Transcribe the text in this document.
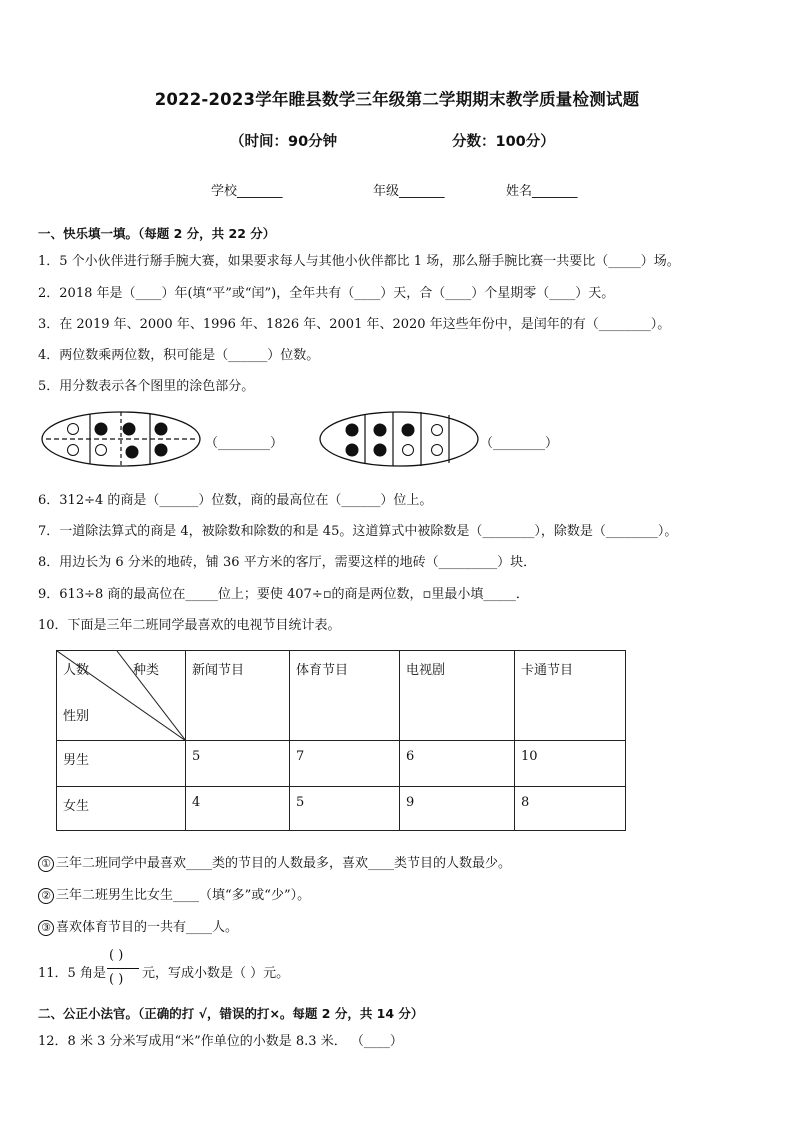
2022-2023学年睢县数学三年级第二学期期末教学质量检测试题
（时间：90分钟	分数：100分）
学校_______	年级_______	姓名_______
一、快乐填一填。（每题 2 分，共 22 分）
1．5 个小伙伴进行掰手腕大赛，如果要求每人与其他小伙伴都比 1 场，那么掰手腕比赛一共要比（_____）场。
2．2018 年是（____）年(填“平”或“闰”)，全年共有（____）天，合（____）个星期零（____）天。
3．在 2019 年、2000 年、1996 年、1826 年、2001 年、2020 年这些年份中，是闰年的有（________）。
4．两位数乘两位数，积可能是（______）位数。
5．用分数表示各个图里的涂色部分。
（________）	（________）
6．312÷4 的商是（______）位数，商的最高位在（______）位上。
7．一道除法算式的商是 4，被除数和除数的和是 45。这道算式中被除数是（________），除数是（________）。
8．用边长为 6 分米的地砖，铺 36 平方米的客厅，需要这样的地砖（_________）块．
9．613÷8 商的最高位在_____位上；要使 407÷▫的商是两位数，▫里最小填_____．
10．下面是三年二班同学最喜欢的电视节目统计表。
人数 种类
性别	新闻节目	体育节目	电视剧	卡通节目
男生	5	7	6	10
女生	4	5	9	8
① 三年二班同学中最喜欢____类的节目的人数最多，喜欢____类节目的人数最少。
② 三年二班男生比女生____（填“多”或“少”）。
③ 喜欢体育节目的一共有____人。
11．5 角是
( )
( ) 元，写成小数是（ ）元。
二、公正小法官。（正确的打 √，错误的打×。每题 2 分，共 14 分）
12．8 米 3 分米写成用“米”作单位的小数是 8.3 米． （____）
